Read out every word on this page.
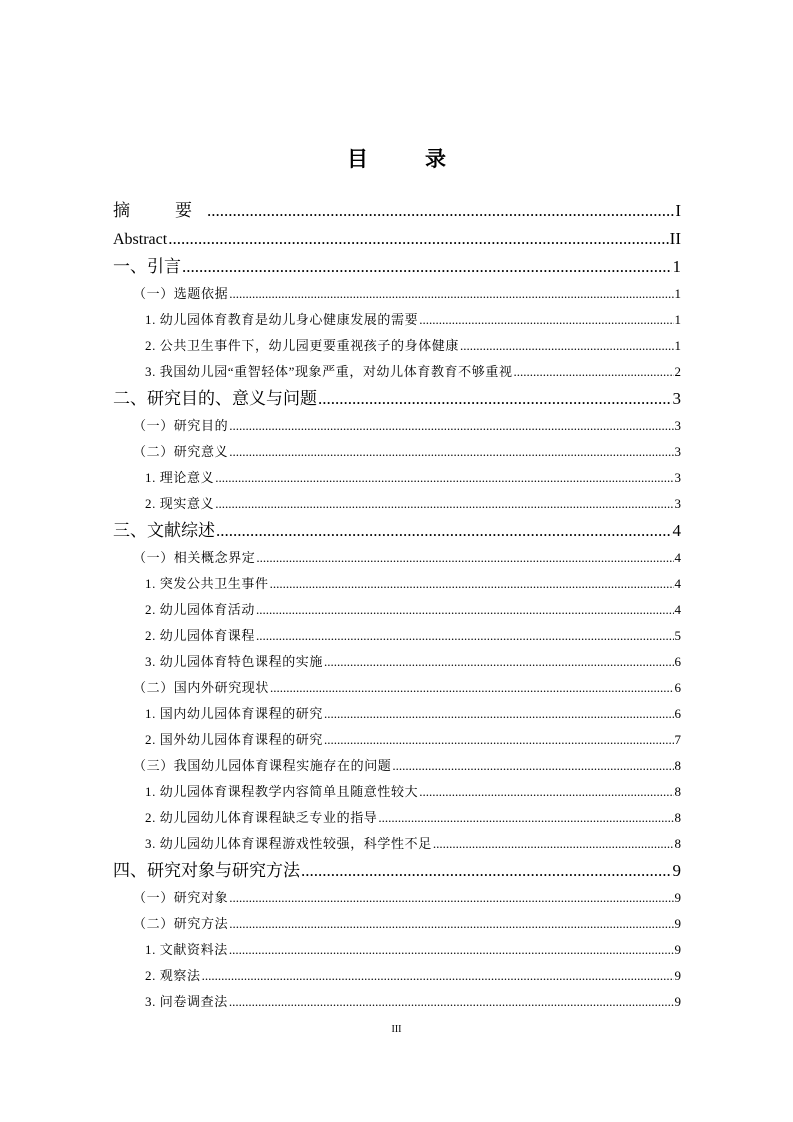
目　录
摘　要 .....	I
Abstract .....	II
一、引言 .....	1
（一）选题依据 .....	1
1. 幼儿园体育教育是幼儿身心健康发展的需要 .....	1
2. 公共卫生事件下，幼儿园更要重视孩子的身体健康 .....	1
3. 我国幼儿园“重智轻体”现象严重，对幼儿体育教育不够重视 .....	2
二、研究目的、意义与问题 .....	3
（一）研究目的 .....	3
（二）研究意义 .....	3
1. 理论意义 .....	3
2. 现实意义 .....	3
三、文献综述 .....	4
（一）相关概念界定 .....	4
1. 突发公共卫生事件 .....	4
2. 幼儿园体育活动 .....	4
2. 幼儿园体育课程 .....	5
3. 幼儿园体育特色课程的实施 .....	6
（二）国内外研究现状 .....	6
1. 国内幼儿园体育课程的研究 .....	6
2. 国外幼儿园体育课程的研究 .....	7
（三）我国幼儿园体育课程实施存在的问题 .....	8
1. 幼儿园体育课程教学内容简单且随意性较大 .....	8
2. 幼儿园幼儿体育课程缺乏专业的指导 .....	8
3. 幼儿园幼儿体育课程游戏性较强，科学性不足 .....	8
四、研究对象与研究方法 .....	9
（一）研究对象 .....	9
（二）研究方法 .....	9
1. 文献资料法 .....	9
2. 观察法 .....	9
3. 问卷调查法 .....	9
III
